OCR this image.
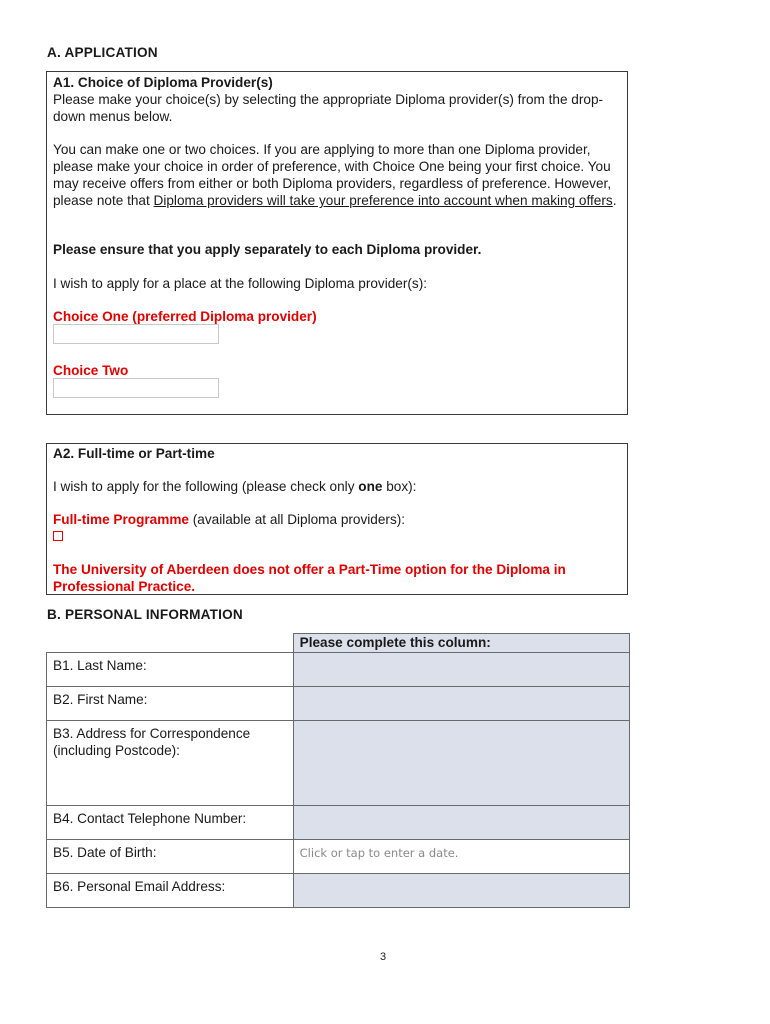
A. APPLICATION

A1. Choice of Diploma Provider(s)

Please make your choice(s) by selecting the appropriate Diploma provider(s) from the drop-down menus below.

You can make one or two choices. If you are applying to more than one Diploma provider, please make your choice in order of preference, with Choice One being your first choice. You may receive offers from either or both Diploma providers, regardless of preference. However, please note that Diploma providers will take your preference into account when making offers.

Please ensure that you apply separately to each Diploma provider.

I wish to apply for a place at the following Diploma provider(s):

Choice One (preferred Diploma provider)

Choice Two

A2. Full-time or Part-time

I wish to apply for the following (please check only one box):

Full-time Programme (available at all Diploma providers):

The University of Aberdeen does not offer a Part-Time option for the Diploma in Professional Practice.

B. PERSONAL INFORMATION
	Please complete this column:
B1. Last Name:	
B2. First Name:	
B3. Address for Correspondence (including Postcode):	
B4. Contact Telephone Number:	
B5. Date of Birth:	Click or tap to enter a date.
B6. Personal Email Address:	
3
